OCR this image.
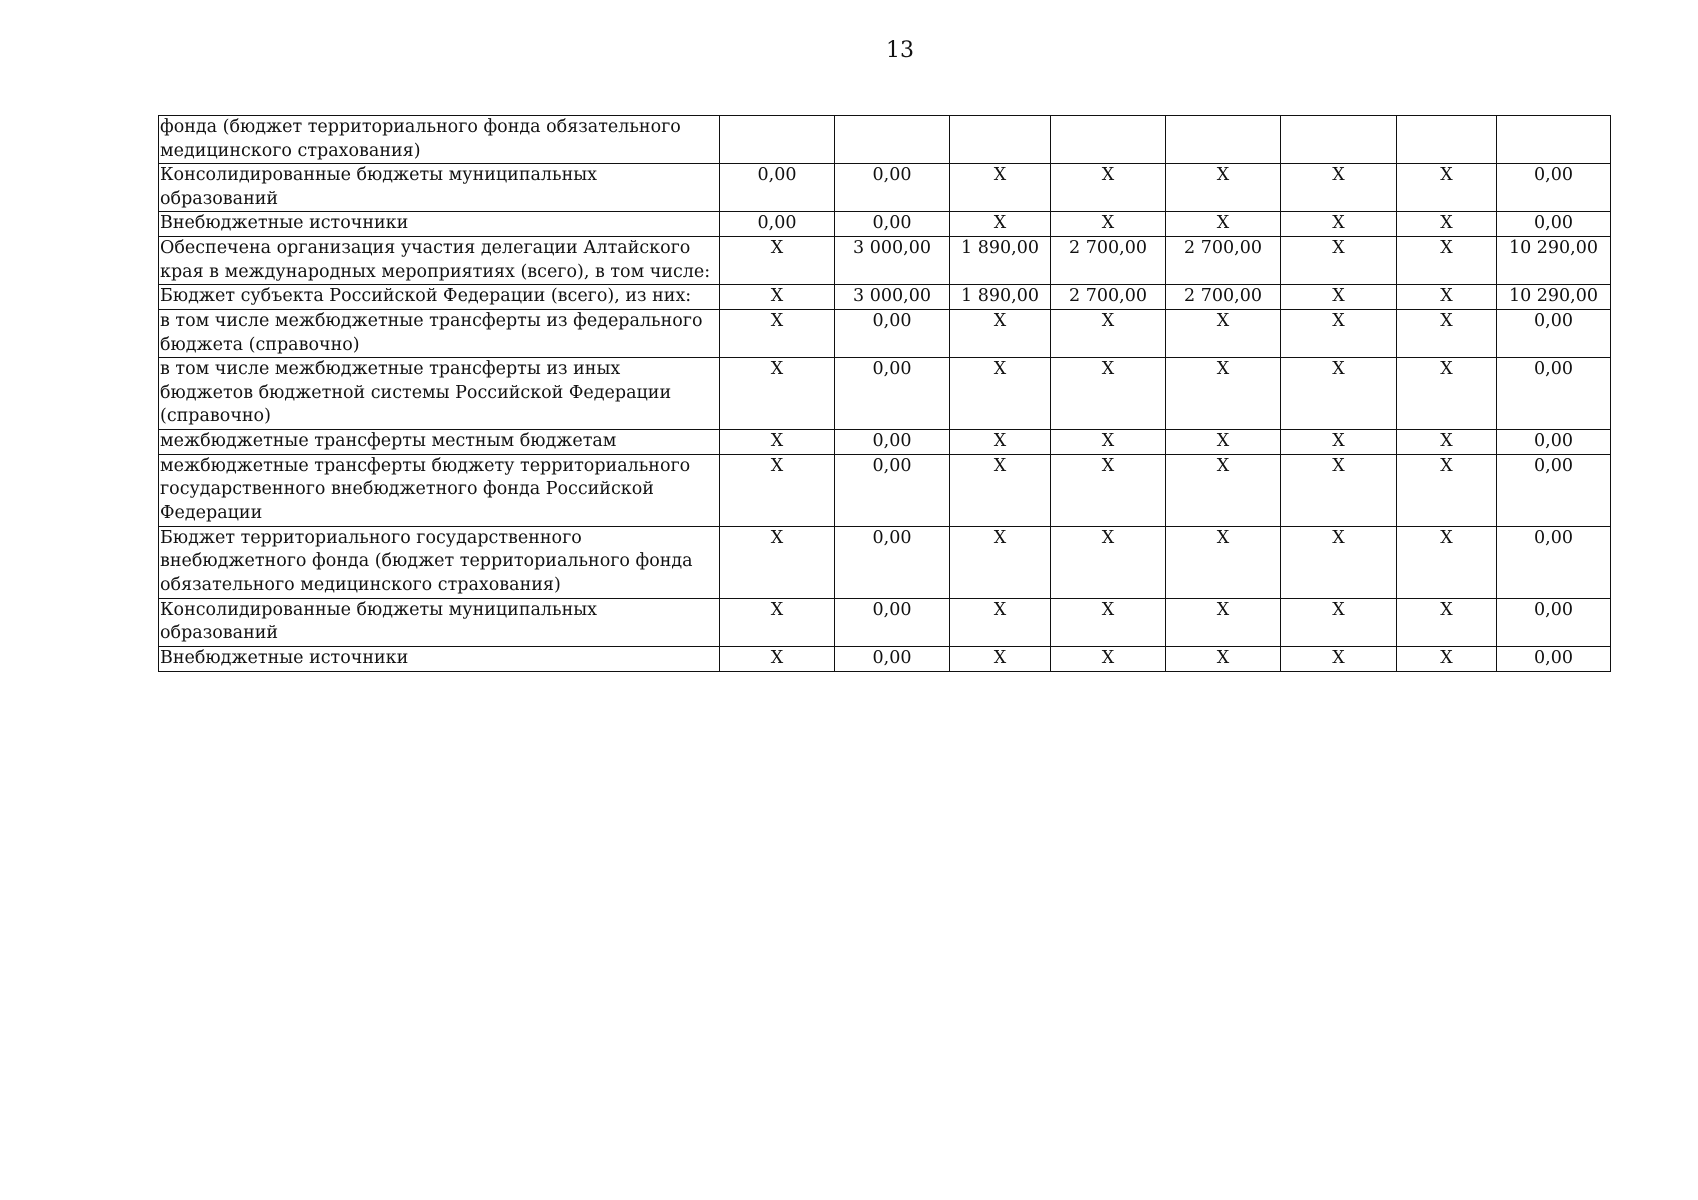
13
фонда (бюджет территориального фонда обязательного медицинского страхования)								
Консолидированные бюджеты муниципальных образований	0,00	0,00	X	X	X	X	X	0,00
Внебюджетные источники	0,00	0,00	X	X	X	X	X	0,00
Обеспечена организация участия делегации Алтайского края в международных мероприятиях (всего), в том числе:	X	3 000,00	1 890,00	2 700,00	2 700,00	X	X	10 290,00
Бюджет субъекта Российской Федерации (всего), из них:	X	3 000,00	1 890,00	2 700,00	2 700,00	X	X	10 290,00
в том числе межбюджетные трансферты из федерального бюджета (справочно)	X	0,00	X	X	X	X	X	0,00
в том числе межбюджетные трансферты из иных бюджетов бюджетной системы Российской Федерации (справочно)	X	0,00	X	X	X	X	X	0,00
межбюджетные трансферты местным бюджетам	X	0,00	X	X	X	X	X	0,00
межбюджетные трансферты бюджету территориального государственного внебюджетного фонда Российской Федерации	X	0,00	X	X	X	X	X	0,00
Бюджет территориального государственного внебюджетного фонда (бюджет территориального фонда обязательного медицинского страхования)	X	0,00	X	X	X	X	X	0,00
Консолидированные бюджеты муниципальных образований	X	0,00	X	X	X	X	X	0,00
Внебюджетные источники	X	0,00	X	X	X	X	X	0,00
